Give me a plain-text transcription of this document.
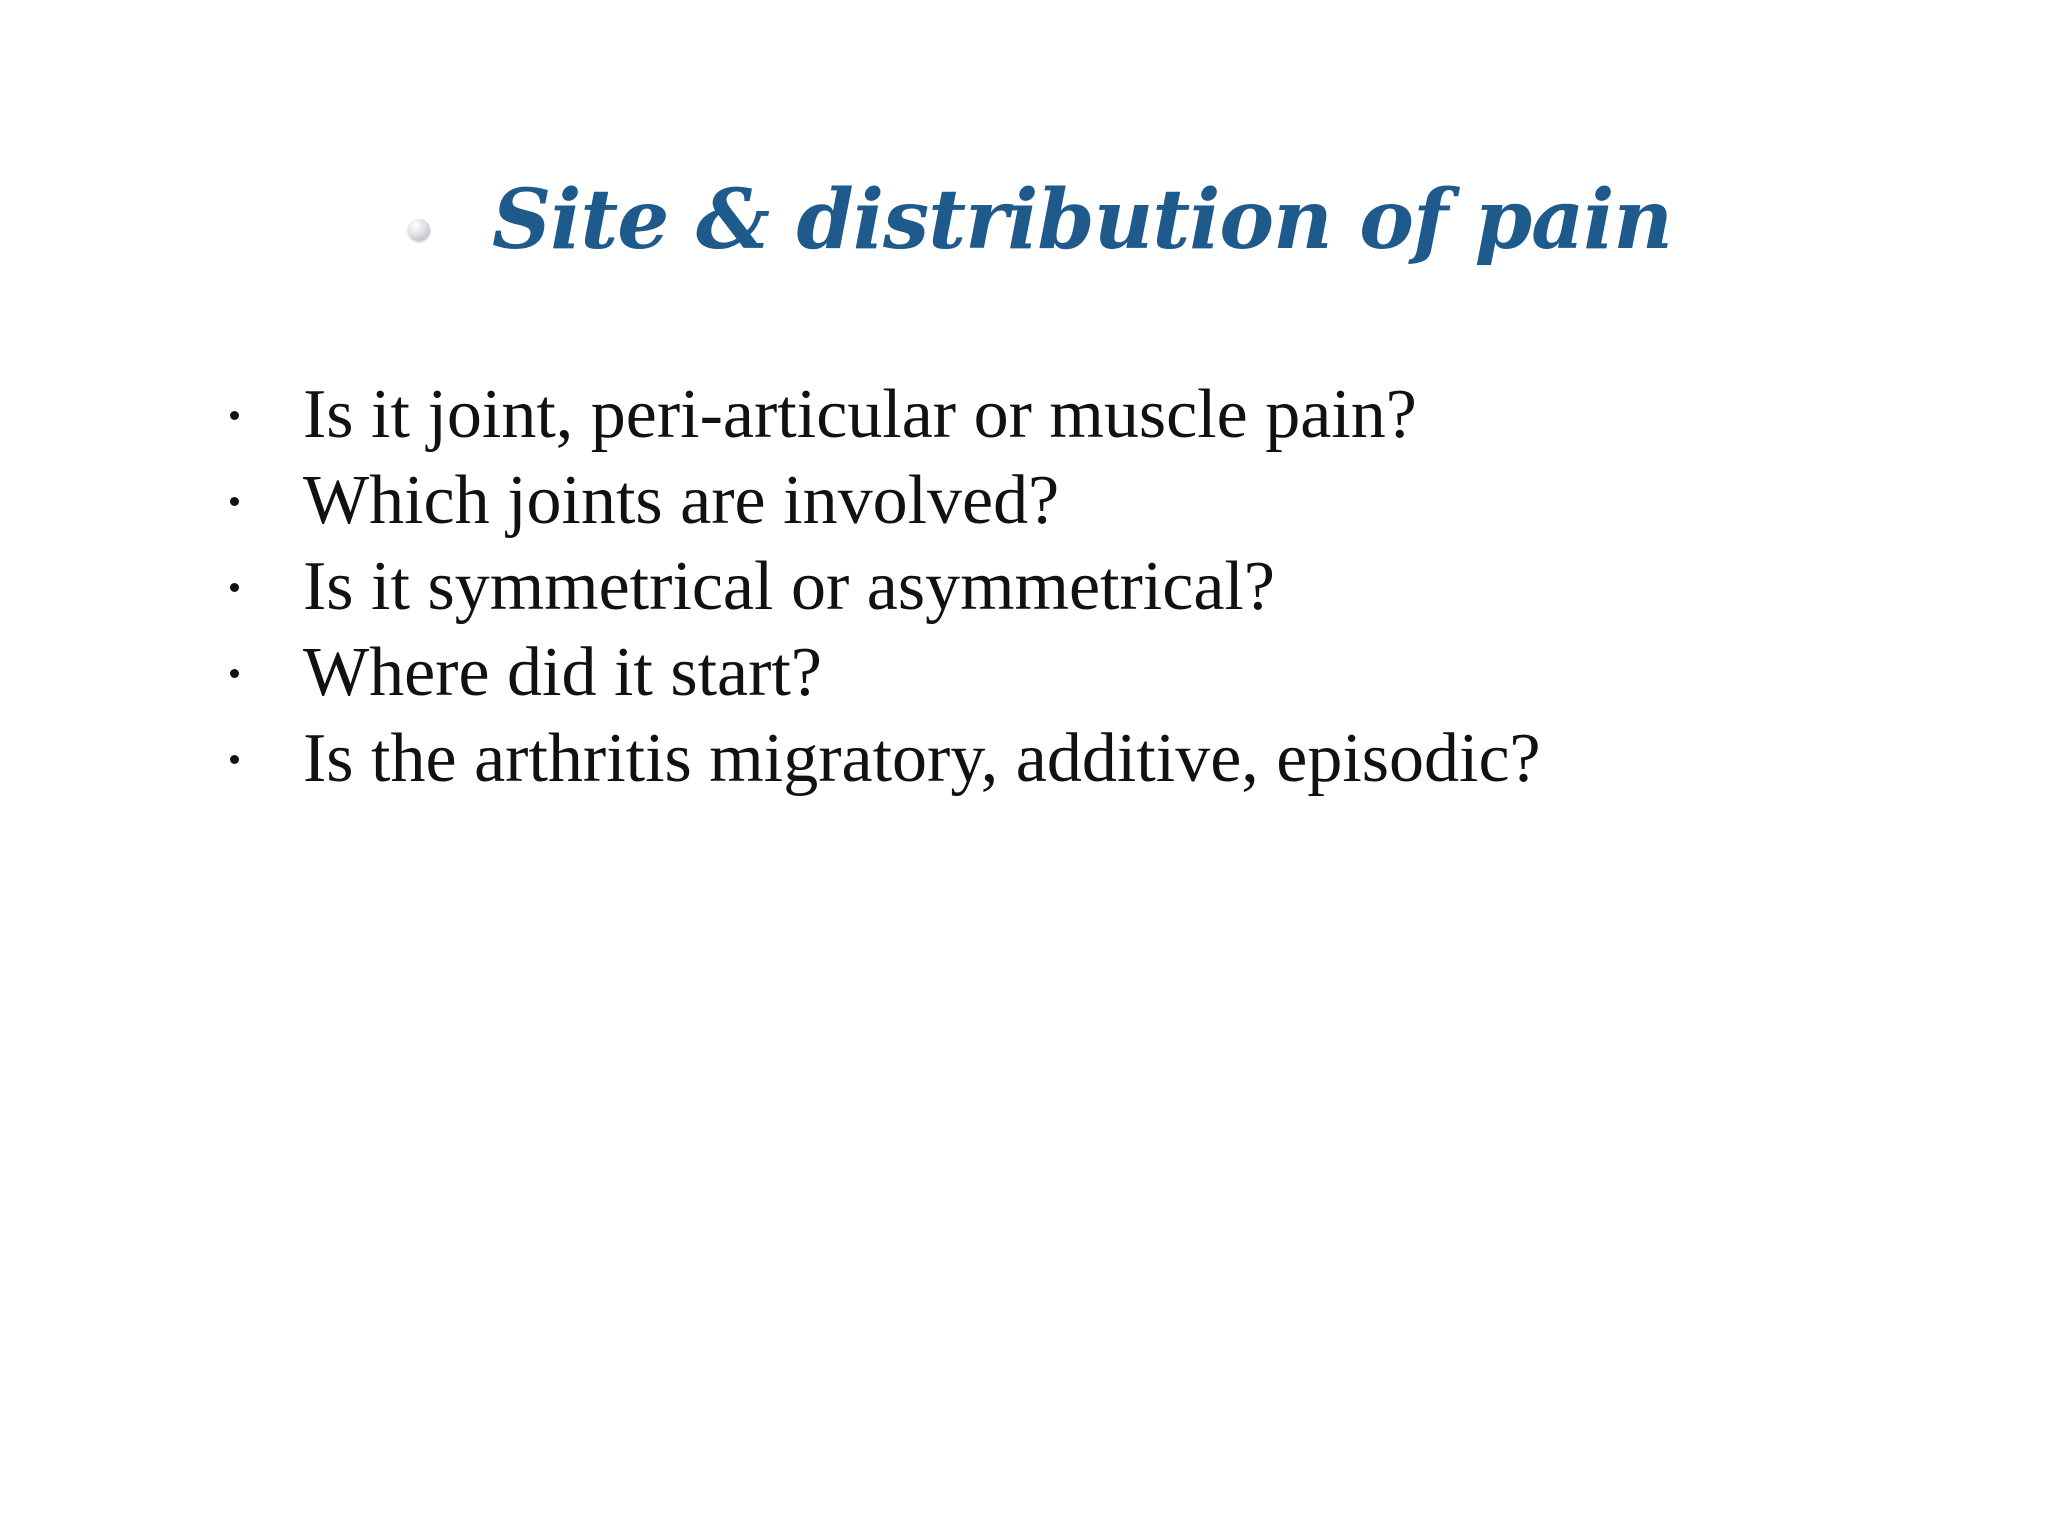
Site & distribution of pain
Is it joint, peri-articular or muscle pain?
Which joints are involved?
Is it symmetrical or asymmetrical?
Where did it start?
Is the arthritis migratory, additive, episodic?
